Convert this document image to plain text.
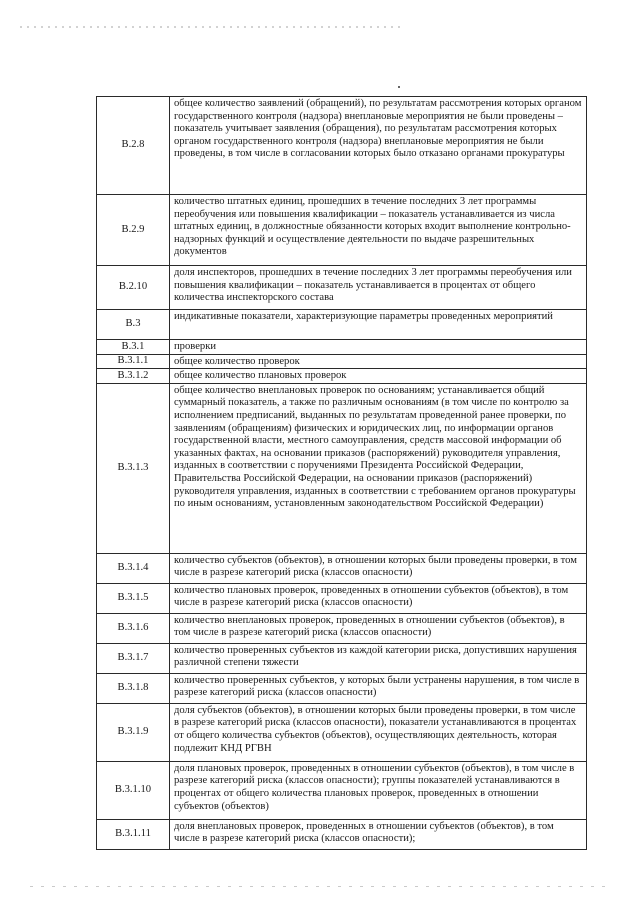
В.2.8	общее количество заявлений (обращений), по результатам рассмотрения которых органом государственного контроля (надзора) внеплановые мероприятия не были проведены – показатель учитывает заявления (обращения), по результатам рассмотрения которых органом государственного контроля (надзора) внеплановые мероприятия не были проведены, в том числе в согласовании которых было отказано органами прокуратуры
В.2.9	количество штатных единиц, прошедших в течение последних 3 лет программы переобучения или повышения квалификации – показатель устанавливается из числа штатных единиц, в должностные обязанности которых входит выполнение контрольно-надзорных функций и осуществление деятельности по выдаче разрешительных документов
В.2.10	доля инспекторов, прошедших в течение последних 3 лет программы переобучения или повышения квалификации – показатель устанавливается в процентах от общего количества инспекторского состава
В.3	индикативные показатели, характеризующие параметры проведенных мероприятий
В.3.1	проверки
В.3.1.1	общее количество проверок
В.3.1.2	общее количество плановых проверок
В.3.1.3	общее количество внеплановых проверок по основаниям; устанавливается общий суммарный показатель, а также по различным основаниям (в том числе по контролю за исполнением предписаний, выданных по результатам проведенной ранее проверки, по заявлениям (обращениям) физических и юридических лиц, по информации органов государственной власти, местного самоуправления, средств массовой информации об указанных фактах, на основании приказов (распоряжений) руководителя управления, изданных в соответствии с поручениями Президента Российской Федерации, Правительства Российской Федерации, на основании приказов (распоряжений) руководителя управления, изданных в соответствии с требованием органов прокуратуры по иным основаниям, установленным законодательством Российской Федерации)
В.3.1.4	количество субъектов (объектов), в отношении которых были проведены проверки, в том числе в разрезе категорий риска (классов опасности)
В.3.1.5	количество плановых проверок, проведенных в отношении субъектов (объектов), в том числе в разрезе категорий риска (классов опасности)
В.3.1.6	количество внеплановых проверок, проведенных в отношении субъектов (объектов), в том числе в разрезе категорий риска (классов опасности)
В.3.1.7	количество проверенных субъектов из каждой категории риска, допустивших нарушения различной степени тяжести
В.3.1.8	количество проверенных субъектов, у которых были устранены нарушения, в том числе в разрезе категорий риска (классов опасности)
В.3.1.9	доля субъектов (объектов), в отношении которых были проведены проверки, в том числе в разрезе категорий риска (классов опасности), показатели устанавливаются в процентах от общего количества субъектов (объектов), осуществляющих деятельность, которая подлежит КНД РГВН
В.3.1.10	доля плановых проверок, проведенных в отношении субъектов (объектов), в том числе в разрезе категорий риска (классов опасности); группы показателей устанавливаются в процентах от общего количества плановых проверок, проведенных в отношении субъектов (объектов)
В.3.1.11	доля внеплановых проверок, проведенных в отношении субъектов (объектов), в том числе в разрезе категорий риска (классов опасности);
